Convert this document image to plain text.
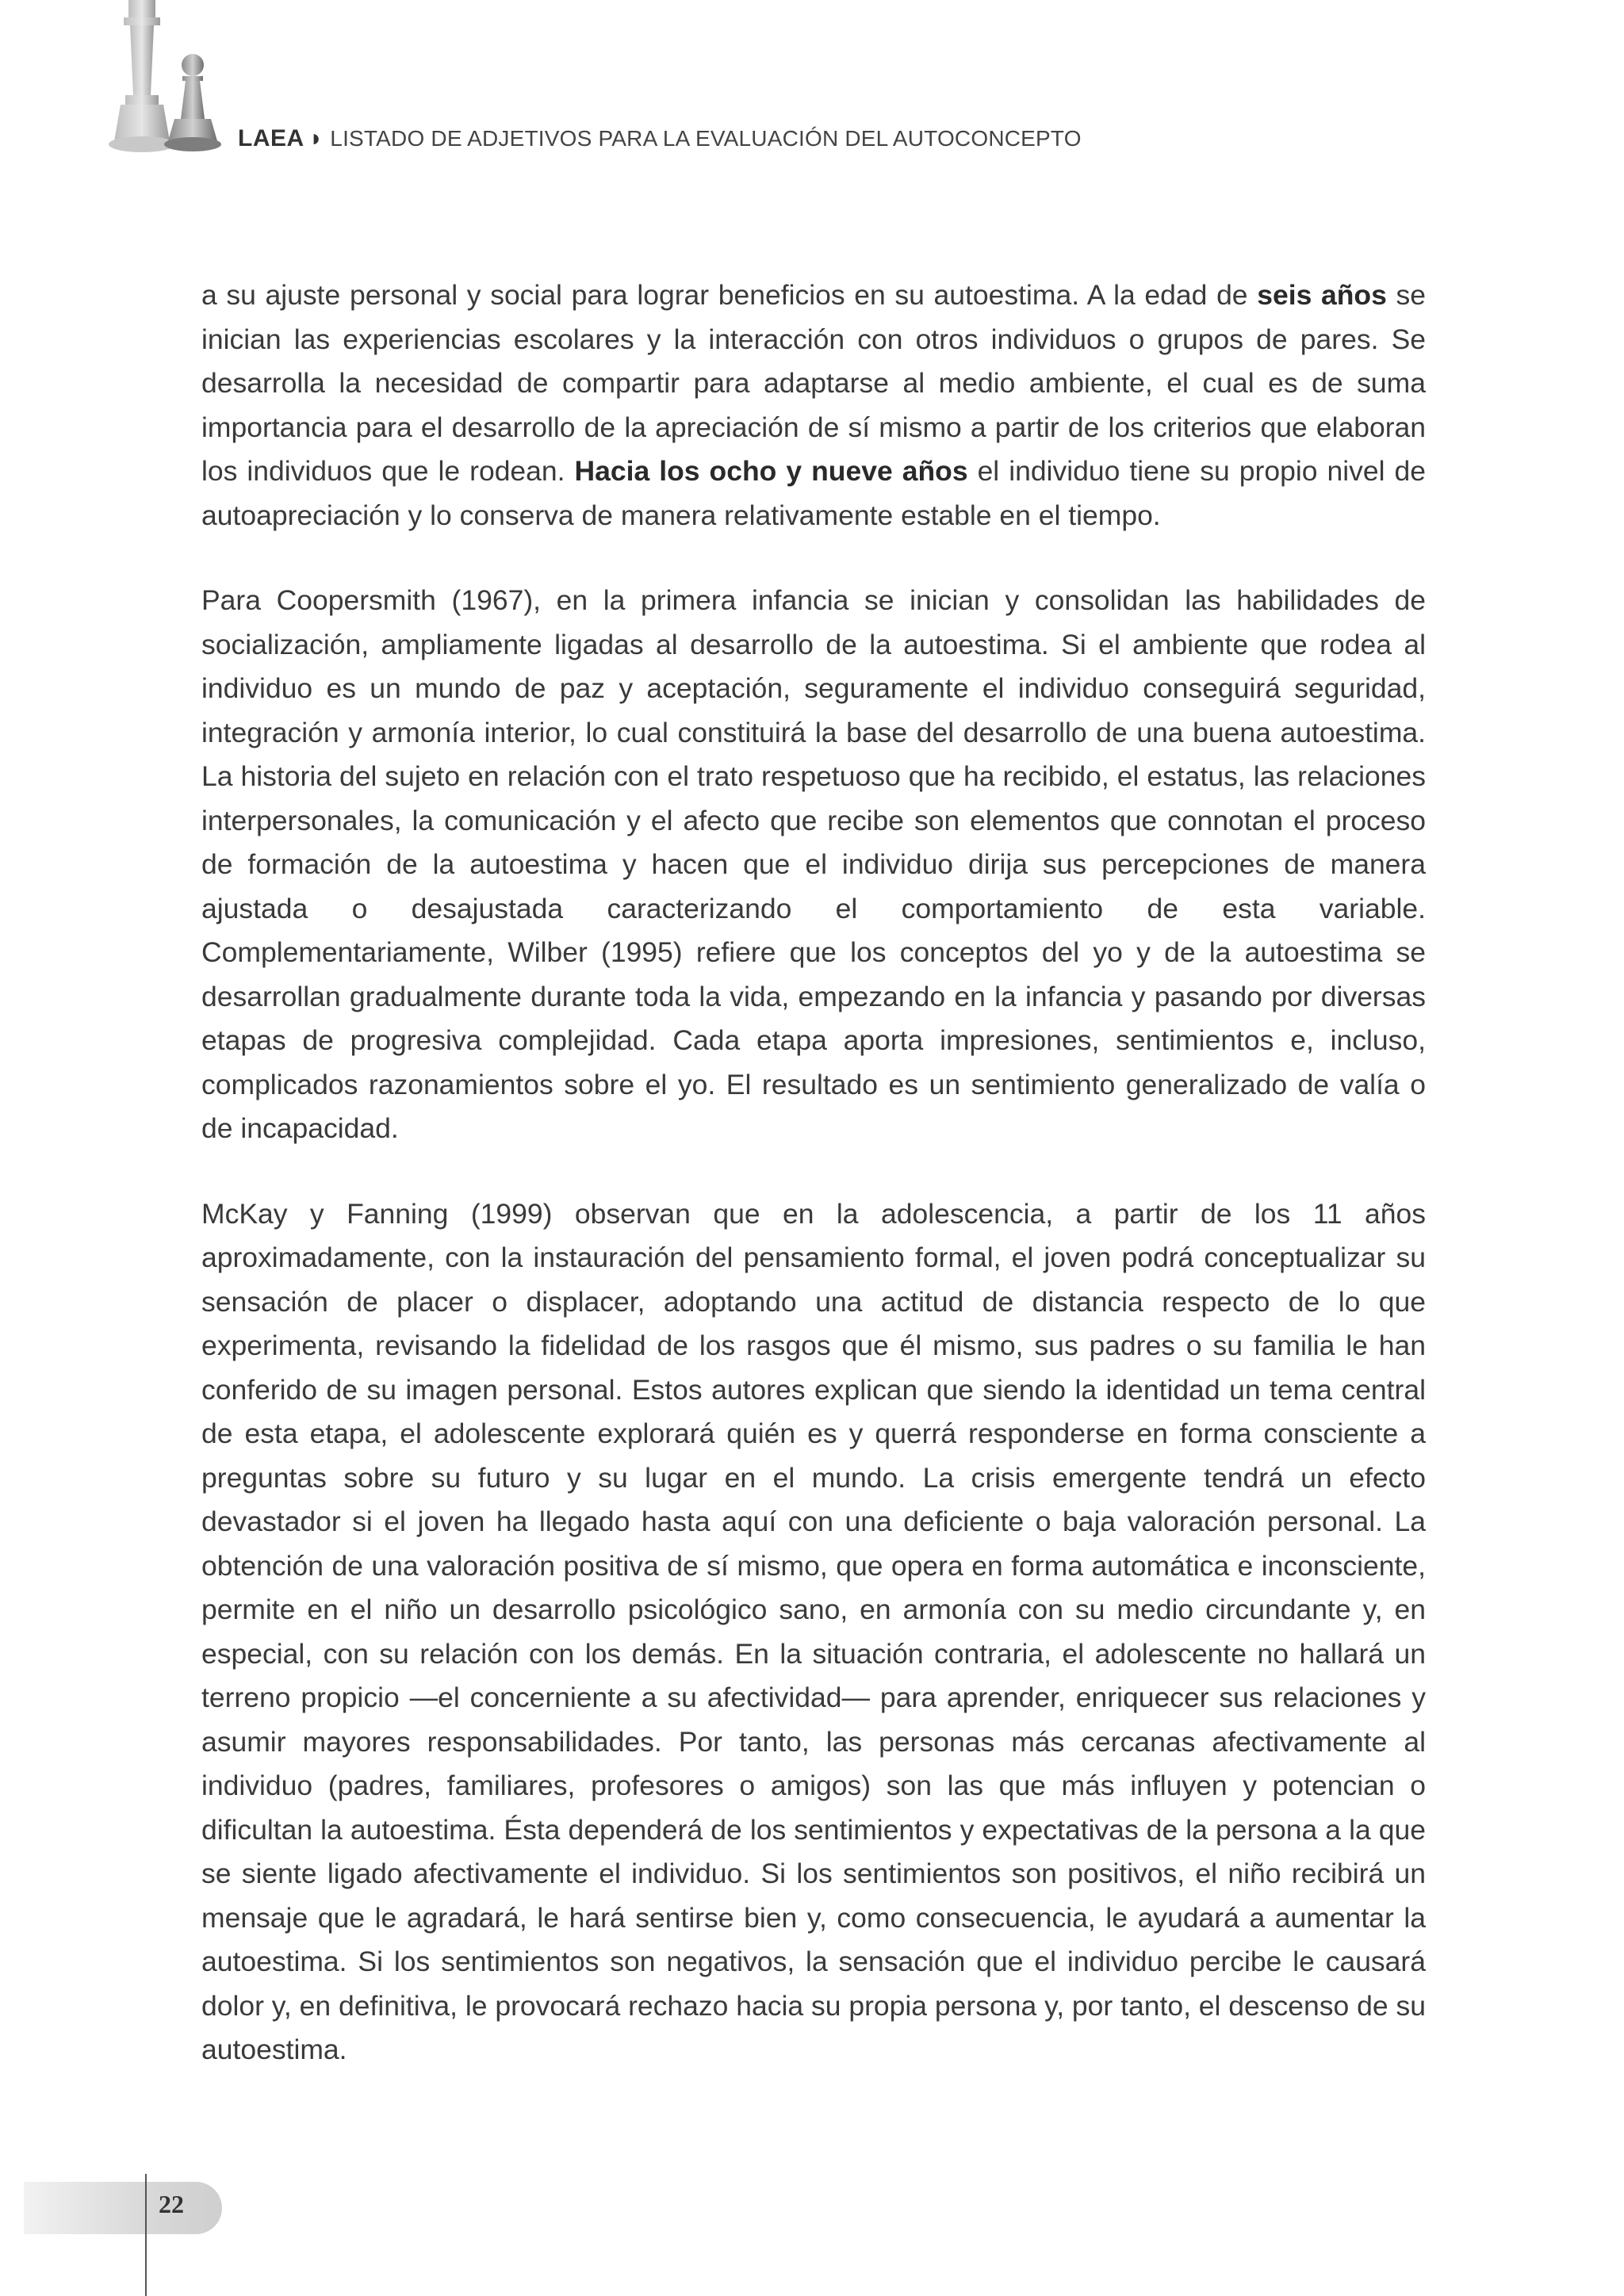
LAEA ◗ LISTADO DE ADJETIVOS PARA LA EVALUACIÓN DEL AUTOCONCEPTO

a su ajuste personal y social para lograr beneficios en su autoestima. A la edad de seis años se inician las experiencias escolares y la interacción con otros individuos o grupos de pares. Se desarrolla la necesidad de compartir para adaptarse al medio ambiente, el cual es de suma importancia para el desarrollo de la apreciación de sí mismo a partir de los criterios que elaboran los individuos que le rodean. Hacia los ocho y nueve años el individuo tiene su propio nivel de autoapreciación y lo conserva de manera relativamente estable en el tiempo.

Para Coopersmith (1967), en la primera infancia se inician y consolidan las habilidades de socialización, ampliamente ligadas al desarrollo de la autoestima. Si el ambiente que rodea al individuo es un mundo de paz y aceptación, seguramente el individuo conseguirá seguridad, integración y armonía interior, lo cual constituirá la base del desarrollo de una buena autoestima. La historia del sujeto en relación con el trato respetuoso que ha recibido, el estatus, las relaciones interpersonales, la comunicación y el afecto que recibe son elementos que connotan el proceso de formación de la autoestima y hacen que el individuo dirija sus percepciones de manera ajustada o desajustada caracterizando el comportamiento de esta variable. Complementariamente, Wilber (1995) refiere que los conceptos del yo y de la autoestima se desarrollan gradualmente durante toda la vida, empezando en la infancia y pasando por diversas etapas de progresiva complejidad. Cada etapa aporta impresiones, sentimientos e, incluso, complicados razonamientos sobre el yo. El resultado es un sentimiento generalizado de valía o de incapacidad.

McKay y Fanning (1999) observan que en la adolescencia, a partir de los 11 años aproximadamente, con la instauración del pensamiento formal, el joven podrá conceptualizar su sensación de placer o displacer, adoptando una actitud de distancia respecto de lo que experimenta, revisando la fidelidad de los rasgos que él mismo, sus padres o su familia le han conferido de su imagen personal. Estos autores explican que siendo la identidad un tema central de esta etapa, el adolescente explorará quién es y querrá responderse en forma consciente a preguntas sobre su futuro y su lugar en el mundo. La crisis emergente tendrá un efecto devastador si el joven ha llegado hasta aquí con una deficiente o baja valoración personal. La obtención de una valoración positiva de sí mismo, que opera en forma automática e inconsciente, permite en el niño un desarrollo psicológico sano, en armonía con su medio circundante y, en especial, con su relación con los demás. En la situación contraria, el adolescente no hallará un terreno propicio —el concerniente a su afectividad— para aprender, enriquecer sus relaciones y asumir mayores responsabilidades. Por tanto, las personas más cercanas afectivamente al individuo (padres, familiares, profesores o amigos) son las que más influyen y potencian o dificultan la autoestima. Ésta dependerá de los sentimientos y expectativas de la persona a la que se siente ligado afectivamente el individuo. Si los sentimientos son positivos, el niño recibirá un mensaje que le agradará, le hará sentirse bien y, como consecuencia, le ayudará a aumentar la autoestima. Si los sentimientos son negativos, la sensación que el individuo percibe le causará dolor y, en definitiva, le provocará rechazo hacia su propia persona y, por tanto, el descenso de su autoestima.

22
